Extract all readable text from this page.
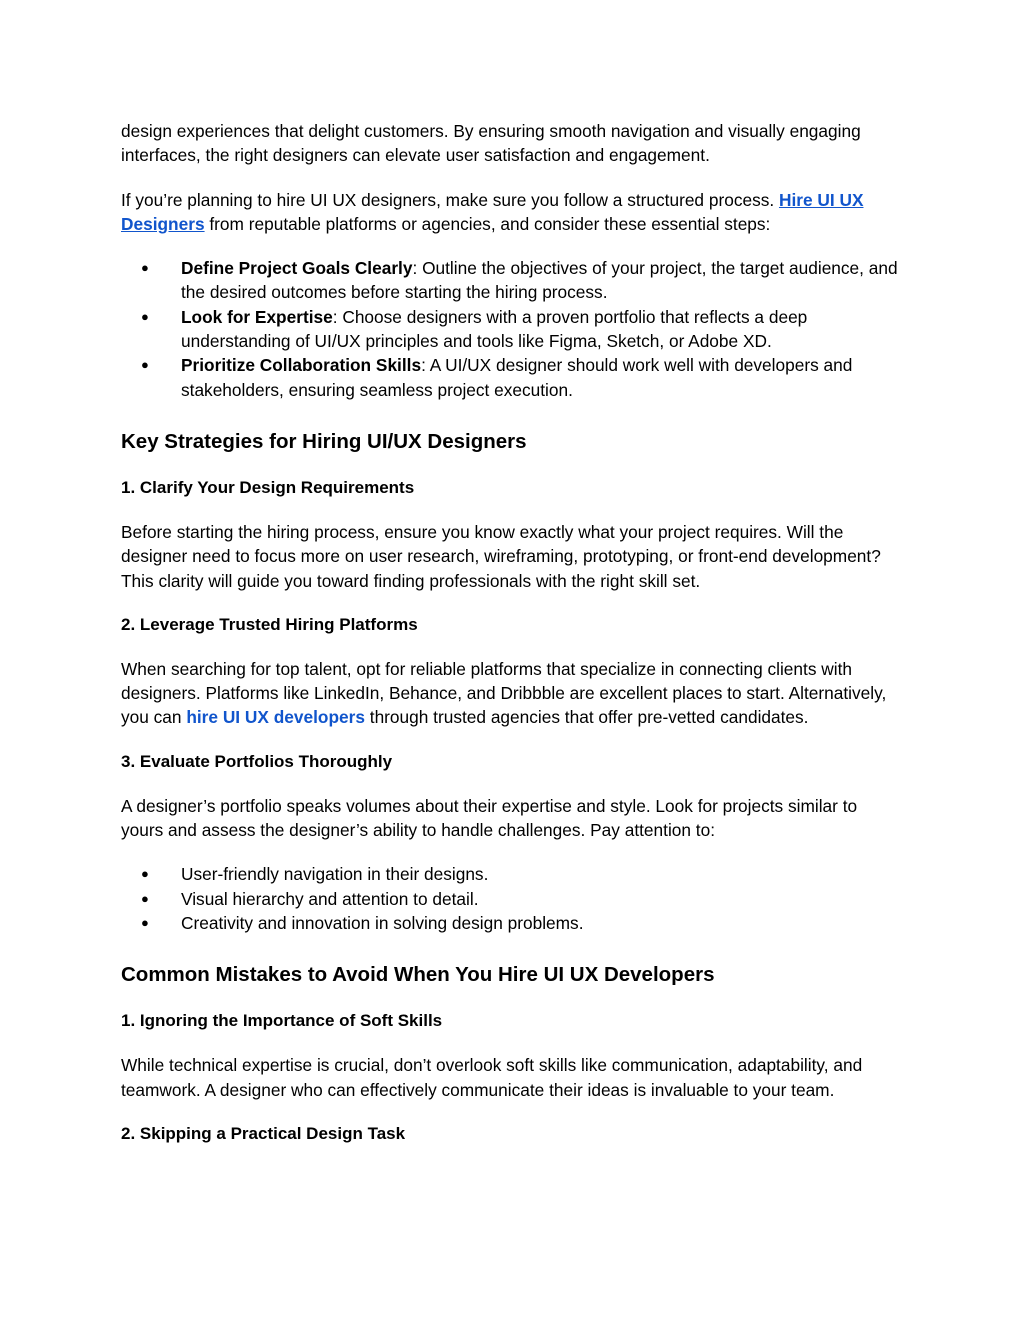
design experiences that delight customers. By ensuring smooth navigation and visually engaging interfaces, the right designers can elevate user satisfaction and engagement.

If you’re planning to hire UI UX designers, make sure you follow a structured process. Hire UI UX Designers from reputable platforms or agencies, and consider these essential steps:

● Define Project Goals Clearly: Outline the objectives of your project, the target audience, and the desired outcomes before starting the hiring process.
● Look for Expertise: Choose designers with a proven portfolio that reflects a deep understanding of UI/UX principles and tools like Figma, Sketch, or Adobe XD.
● Prioritize Collaboration Skills: A UI/UX designer should work well with developers and stakeholders, ensuring seamless project execution.
Key Strategies for Hiring UI/UX Designers
1. Clarify Your Design Requirements

Before starting the hiring process, ensure you know exactly what your project requires. Will the designer need to focus more on user research, wireframing, prototyping, or front-end development? This clarity will guide you toward finding professionals with the right skill set.

2. Leverage Trusted Hiring Platforms

When searching for top talent, opt for reliable platforms that specialize in connecting clients with designers. Platforms like LinkedIn, Behance, and Dribbble are excellent places to start. Alternatively, you can hire UI UX developers through trusted agencies that offer pre-vetted candidates.

3. Evaluate Portfolios Thoroughly

A designer’s portfolio speaks volumes about their expertise and style. Look for projects similar to yours and assess the designer’s ability to handle challenges. Pay attention to:

● User-friendly navigation in their designs.
● Visual hierarchy and attention to detail.
● Creativity and innovation in solving design problems.
Common Mistakes to Avoid When You Hire UI UX Developers
1. Ignoring the Importance of Soft Skills

While technical expertise is crucial, don’t overlook soft skills like communication, adaptability, and teamwork. A designer who can effectively communicate their ideas is invaluable to your team.

2. Skipping a Practical Design Task
